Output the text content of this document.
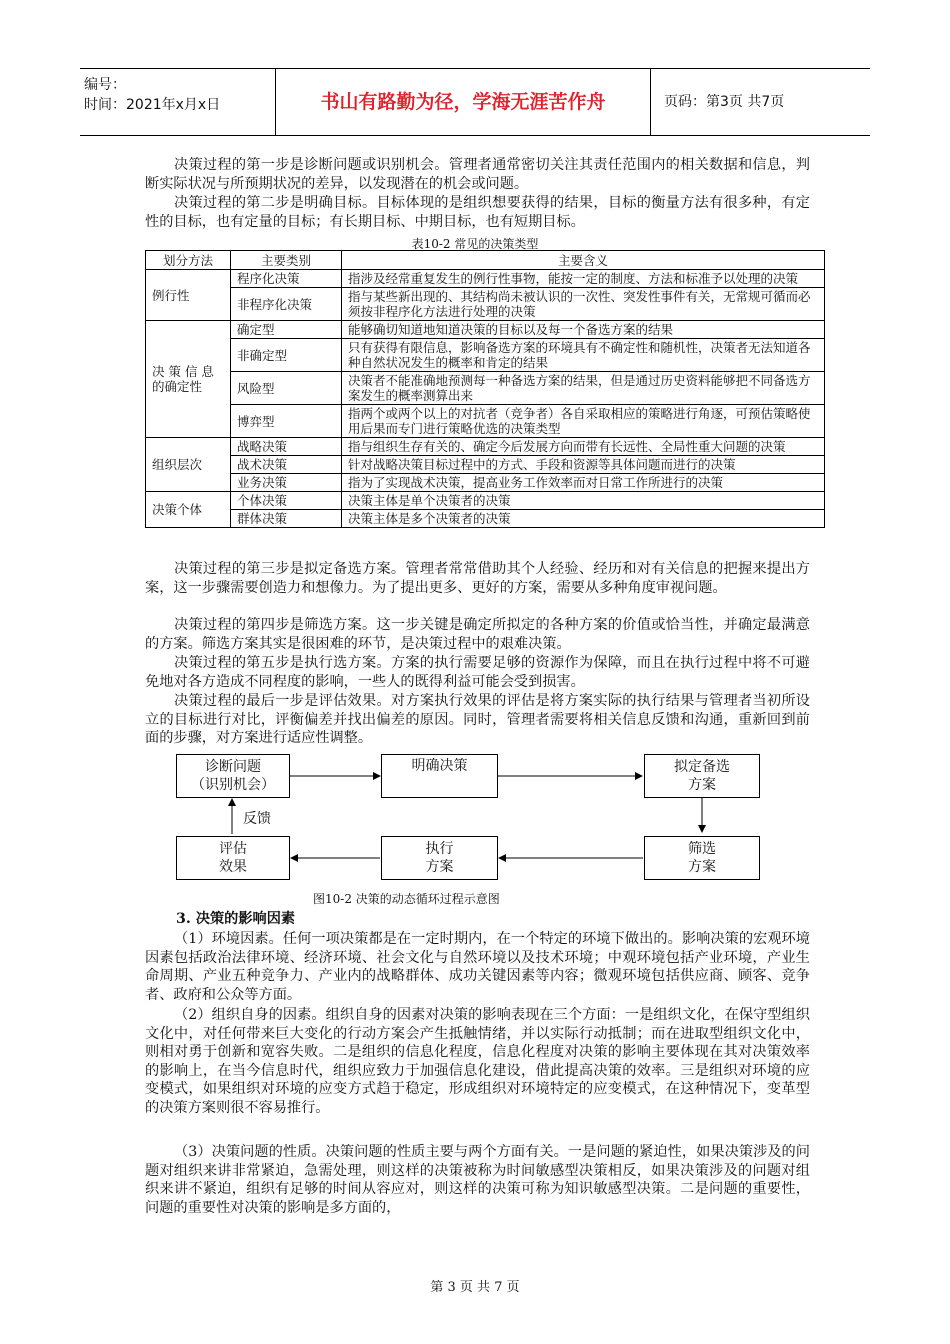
编号：
时间：2021年x月x日	书山有路勤为径，学海无涯苦作舟	页码：第3页 共7页

决策过程的第一步是诊断问题或识别机会。管理者通常密切关注其责任范围内的相关数据和信息，判断实际状况与所预期状况的差异，以发现潜在的机会或问题。

决策过程的第二步是明确目标。目标体现的是组织想要获得的结果，目标的衡量方法有很多种，有定性的目标，也有定量的目标；有长期目标、中期目标，也有短期目标。

表10-2 常见的决策类型
划分方法	主要类别	主要含义
例行性	程序化决策	指涉及经常重复发生的例行性事物，能按一定的制度、方法和标准予以处理的决策
	非程序化决策	指与某些新出现的、其结构尚未被认识的一次性、突发性事件有关，无常规可循而必须按非程序化方法进行处理的决策
决 策 信 息的确定性	确定型	能够确切知道地知道决策的目标以及每一个备选方案的结果
	非确定型	只有获得有限信息，影响备选方案的环境具有不确定性和随机性，决策者无法知道各种自然状况发生的概率和肯定的结果
	风险型	决策者不能准确地预测每一种备选方案的结果，但是通过历史资料能够把不同备选方案发生的概率测算出来
	博弈型	指两个或两个以上的对抗者（竞争者）各自采取相应的策略进行角逐，可预估策略使用后果而专门进行策略优选的决策类型
组织层次	战略决策	指与组织生存有关的、确定今后发展方向而带有长远性、全局性重大问题的决策
	战术决策	针对战略决策目标过程中的方式、手段和资源等具体问题而进行的决策
	业务决策	指为了实现战术决策，提高业务工作效率而对日常工作所进行的决策
决策个体	个体决策	决策主体是单个决策者的决策
	群体决策	决策主体是多个决策者的决策

决策过程的第三步是拟定备选方案。管理者常常借助其个人经验、经历和对有关信息的把握来提出方案，这一步骤需要创造力和想像力。为了提出更多、更好的方案，需要从多种角度审视问题。

决策过程的第四步是筛选方案。这一步关键是确定所拟定的各种方案的价值或恰当性，并确定最满意的方案。筛选方案其实是很困难的环节，是决策过程中的艰难决策。

决策过程的第五步是执行选方案。方案的执行需要足够的资源作为保障，而且在执行过程中将不可避免地对各方造成不同程度的影响，一些人的既得利益可能会受到损害。

决策过程的最后一步是评估效果。对方案执行效果的评估是将方案实际的执行结果与管理者当初所设立的目标进行对比，评衡偏差并找出偏差的原因。同时，管理者需要将相关信息反馈和沟通，重新回到前面的步骤，对方案进行适应性调整。

诊断问题
（识别机会）
明确决策	拟定备选
方案
评估
效果
执行
方案
筛选
方案
反馈
图10-2 决策的动态循环过程示意图
3. 决策的影响因素

（1）环境因素。任何一项决策都是在一定时期内，在一个特定的环境下做出的。影响决策的宏观环境因素包括政治法律环境、经济环境、社会文化与自然环境以及技术环境；中观环境包括产业环境，产业生命周期、产业五种竞争力、产业内的战略群体、成功关键因素等内容；微观环境包括供应商、顾客、竞争者、政府和公众等方面。

（2）组织自身的因素。组织自身的因素对决策的影响表现在三个方面：一是组织文化，在保守型组织文化中，对任何带来巨大变化的行动方案会产生抵触情绪，并以实际行动抵制；而在进取型组织文化中，则相对勇于创新和宽容失败。二是组织的信息化程度，信息化程度对决策的影响主要体现在其对决策效率的影响上，在当今信息时代，组织应致力于加强信息化建设，借此提高决策的效率。三是组织对环境的应变模式，如果组织对环境的应变方式趋于稳定，形成组织对环境特定的应变模式，在这种情况下，变革型的决策方案则很不容易推行。

（3）决策问题的性质。决策问题的性质主要与两个方面有关。一是问题的紧迫性，如果决策涉及的问题对组织来讲非常紧迫，急需处理，则这样的决策被称为时间敏感型决策相反，如果决策涉及的问题对组织来讲不紧迫，组织有足够的时间从容应对，则这样的决策可称为知识敏感型决策。二是问题的重要性，问题的重要性对决策的影响是多方面的，

第 3 页 共 7 页
